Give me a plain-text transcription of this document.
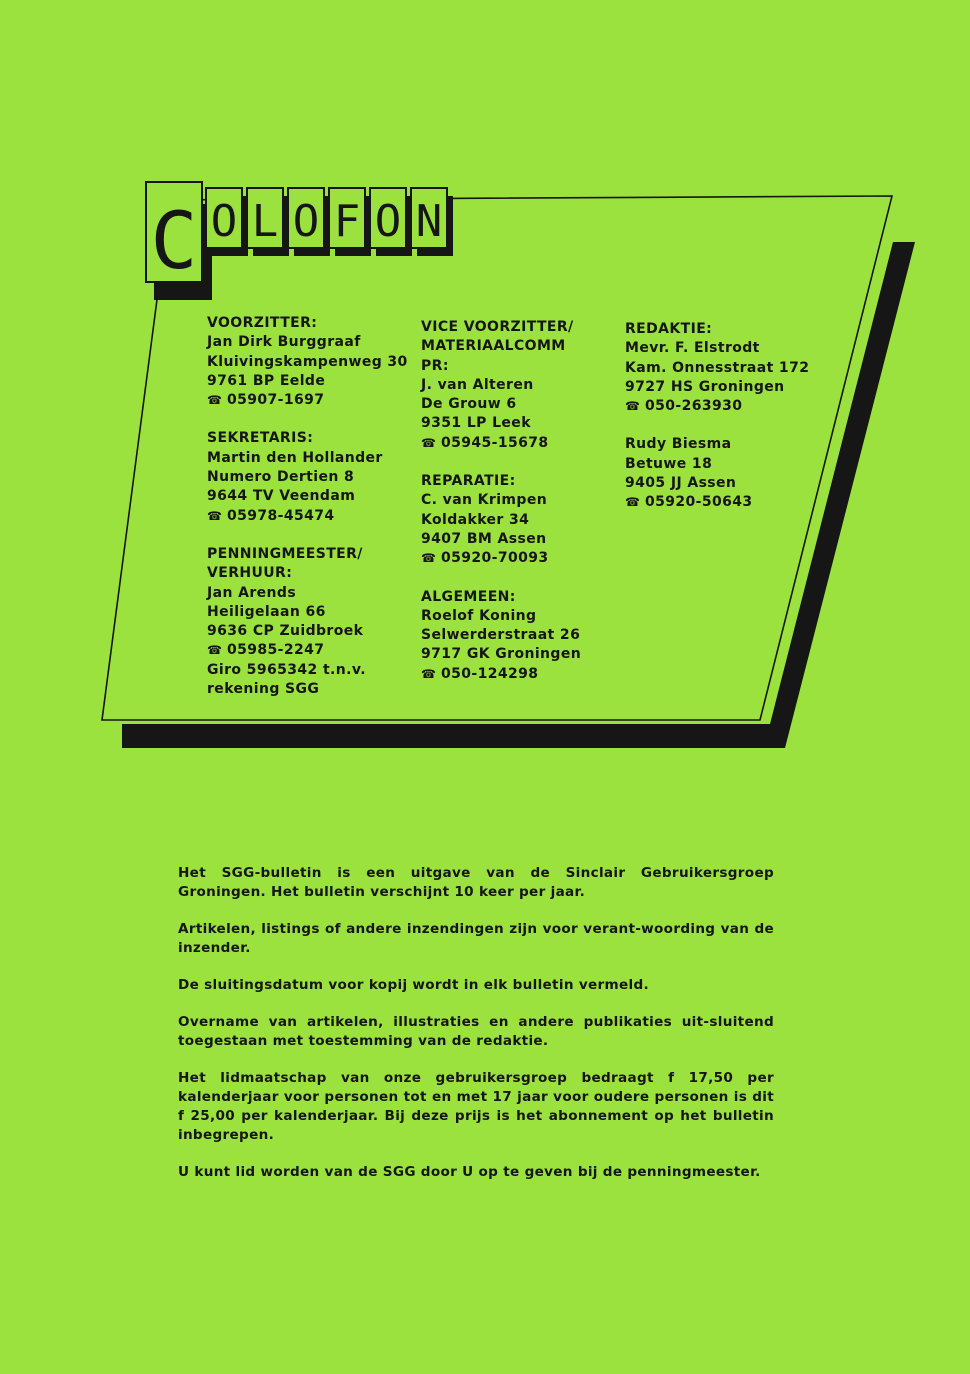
C O L O F O N
VOORZITTER:
Jan Dirk Burggraaf
Kluivingskampenweg 30
9761 BP Eelde
☎ 05907-1697
SEKRETARIS:
Martin den Hollander
Numero Dertien 8
9644 TV Veendam
☎ 05978-45474
PENNINGMEESTER/
VERHUUR:
Jan Arends
Heiligelaan 66
9636 CP Zuidbroek
☎ 05985-2247
Giro 5965342 t.n.v.
rekening SGG
VICE VOORZITTER/
MATERIAALCOMM
PR:
J. van Alteren
De Grouw 6
9351 LP Leek
☎ 05945-15678
REPARATIE:
C. van Krimpen
Koldakker 34
9407 BM Assen
☎ 05920-70093
ALGEMEEN:
Roelof Koning
Selwerderstraat 26
9717 GK Groningen
☎ 050-124298
REDAKTIE:
Mevr. F. Elstrodt
Kam. Onnesstraat 172
9727 HS Groningen
☎ 050-263930
Rudy Biesma
Betuwe 18
9405 JJ Assen
☎ 05920-50643

Het SGG-bulletin is een uitgave van de Sinclair Gebruikersgroep Groningen. Het bulletin verschijnt 10 keer per jaar.

Artikelen, listings of andere inzendingen zijn voor verant-woording van de inzender.

De sluitingsdatum voor kopij wordt in elk bulletin vermeld.

Overname van artikelen, illustraties en andere publikaties uit-sluitend toegestaan met toestemming van de redaktie.

Het lidmaatschap van onze gebruikersgroep bedraagt f 17,50 per kalenderjaar voor personen tot en met 17 jaar voor oudere personen is dit f 25,00 per kalenderjaar. Bij deze prijs is het abonnement op het bulletin inbegrepen.

U kunt lid worden van de SGG door U op te geven bij de penningmeester.
